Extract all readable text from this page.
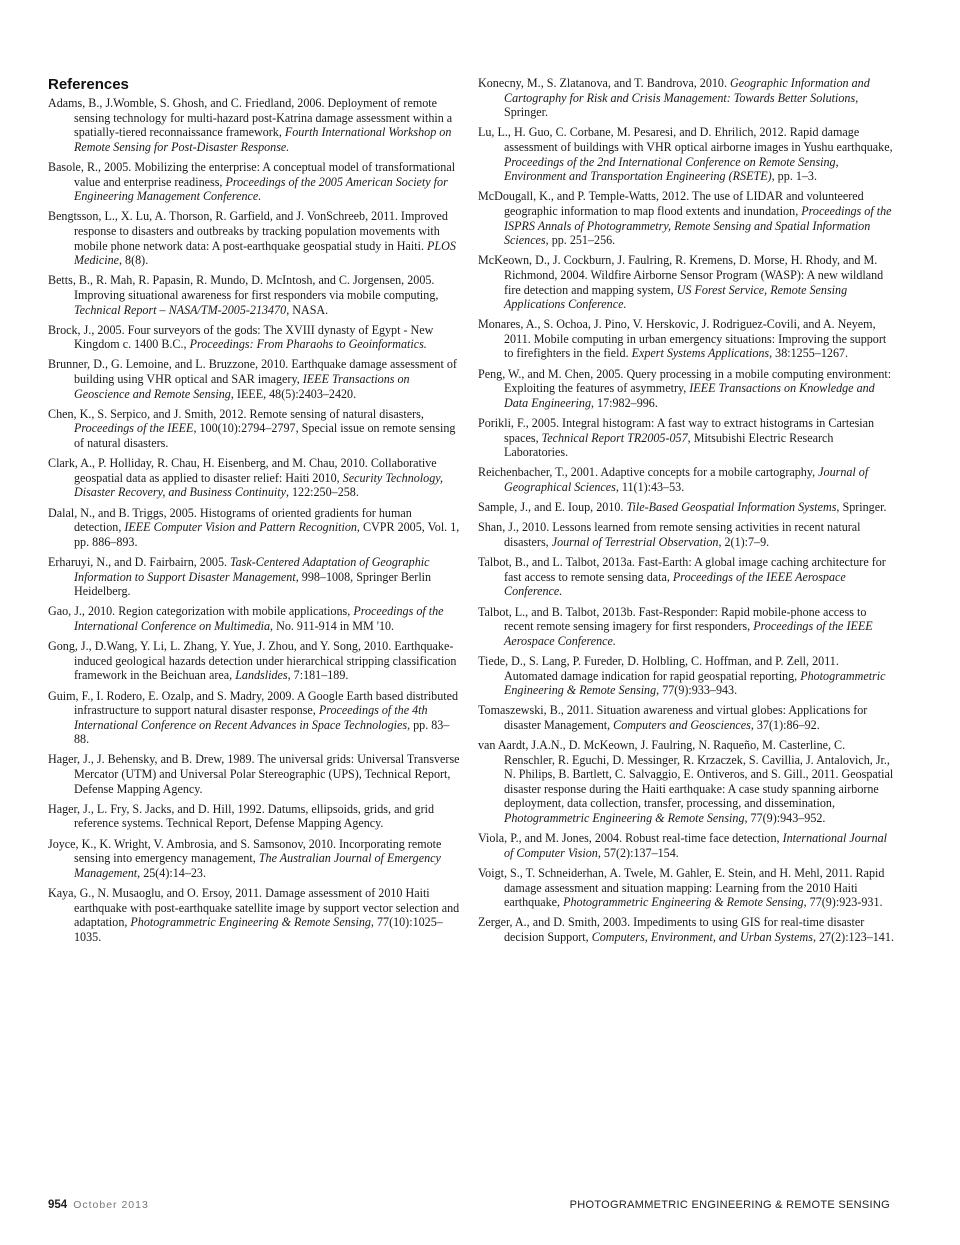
References

Adams, B., J.Womble, S. Ghosh, and C. Friedland, 2006. Deployment of remote sensing technology for multi-hazard post-Katrina damage assessment within a spatially-tiered reconnaissance framework, Fourth International Workshop on Remote Sensing for Post-Disaster Response.

Basole, R., 2005. Mobilizing the enterprise: A conceptual model of transformational value and enterprise readiness, Proceedings of the 2005 American Society for Engineering Management Conference.

Bengtsson, L., X. Lu, A. Thorson, R. Garfield, and J. VonSchreeb, 2011. Improved response to disasters and outbreaks by tracking population movements with mobile phone network data: A post-earthquake geospatial study in Haiti. PLOS Medicine, 8(8).

Betts, B., R. Mah, R. Papasin, R. Mundo, D. McIntosh, and C. Jorgensen, 2005. Improving situational awareness for first responders via mobile computing, Technical Report – NASA/TM-2005-213470, NASA.

Brock, J., 2005. Four surveyors of the gods: The XVIII dynasty of Egypt - New Kingdom c. 1400 B.C., Proceedings: From Pharaohs to Geoinformatics.

Brunner, D., G. Lemoine, and L. Bruzzone, 2010. Earthquake damage assessment of building using VHR optical and SAR imagery, IEEE Transactions on Geoscience and Remote Sensing, IEEE, 48(5):2403–2420.

Chen, K., S. Serpico, and J. Smith, 2012. Remote sensing of natural disasters, Proceedings of the IEEE, 100(10):2794–2797, Special issue on remote sensing of natural disasters.

Clark, A., P. Holliday, R. Chau, H. Eisenberg, and M. Chau, 2010. Collaborative geospatial data as applied to disaster relief: Haiti 2010, Security Technology, Disaster Recovery, and Business Continuity, 122:250–258.

Dalal, N., and B. Triggs, 2005. Histograms of oriented gradients for human detection, IEEE Computer Vision and Pattern Recognition, CVPR 2005, Vol. 1, pp. 886–893.

Erharuyi, N., and D. Fairbairn, 2005. Task-Centered Adaptation of Geographic Information to Support Disaster Management, 998–1008, Springer Berlin Heidelberg.

Gao, J., 2010. Region categorization with mobile applications, Proceedings of the International Conference on Multimedia, No. 911-914 in MM '10.

Gong, J., D.Wang, Y. Li, L. Zhang, Y. Yue, J. Zhou, and Y. Song, 2010. Earthquake-induced geological hazards detection under hierarchical stripping classification framework in the Beichuan area, Landslides, 7:181–189.

Guim, F., I. Rodero, E. Ozalp, and S. Madry, 2009. A Google Earth based distributed infrastructure to support natural disaster response, Proceedings of the 4th International Conference on Recent Advances in Space Technologies, pp. 83–88.

Hager, J., J. Behensky, and B. Drew, 1989. The universal grids: Universal Transverse Mercator (UTM) and Universal Polar Stereographic (UPS), Technical Report, Defense Mapping Agency.

Hager, J., L. Fry, S. Jacks, and D. Hill, 1992. Datums, ellipsoids, grids, and grid reference systems. Technical Report, Defense Mapping Agency.

Joyce, K., K. Wright, V. Ambrosia, and S. Samsonov, 2010. Incorporating remote sensing into emergency management, The Australian Journal of Emergency Management, 25(4):14–23.

Kaya, G., N. Musaoglu, and O. Ersoy, 2011. Damage assessment of 2010 Haiti earthquake with post-earthquake satellite image by support vector selection and adaptation, Photogrammetric Engineering & Remote Sensing, 77(10):1025–1035.

Konecny, M., S. Zlatanova, and T. Bandrova, 2010. Geographic Information and Cartography for Risk and Crisis Management: Towards Better Solutions, Springer.

Lu, L., H. Guo, C. Corbane, M. Pesaresi, and D. Ehrilich, 2012. Rapid damage assessment of buildings with VHR optical airborne images in Yushu earthquake, Proceedings of the 2nd International Conference on Remote Sensing, Environment and Transportation Engineering (RSETE), pp. 1–3.

McDougall, K., and P. Temple-Watts, 2012. The use of LIDAR and volunteered geographic information to map flood extents and inundation, Proceedings of the ISPRS Annals of Photogrammetry, Remote Sensing and Spatial Information Sciences, pp. 251–256.

McKeown, D., J. Cockburn, J. Faulring, R. Kremens, D. Morse, H. Rhody, and M. Richmond, 2004. Wildfire Airborne Sensor Program (WASP): A new wildland fire detection and mapping system, US Forest Service, Remote Sensing Applications Conference.

Monares, A., S. Ochoa, J. Pino, V. Herskovic, J. Rodriguez-Covili, and A. Neyem, 2011. Mobile computing in urban emergency situations: Improving the support to firefighters in the field. Expert Systems Applications, 38:1255–1267.

Peng, W., and M. Chen, 2005. Query processing in a mobile computing environment: Exploiting the features of asymmetry, IEEE Transactions on Knowledge and Data Engineering, 17:982–996.

Porikli, F., 2005. Integral histogram: A fast way to extract histograms in Cartesian spaces, Technical Report TR2005-057, Mitsubishi Electric Research Laboratories.

Reichenbacher, T., 2001. Adaptive concepts for a mobile cartography, Journal of Geographical Sciences, 11(1):43–53.

Sample, J., and E. Ioup, 2010. Tile-Based Geospatial Information Systems, Springer.

Shan, J., 2010. Lessons learned from remote sensing activities in recent natural disasters, Journal of Terrestrial Observation, 2(1):7–9.

Talbot, B., and L. Talbot, 2013a. Fast-Earth: A global image caching architecture for fast access to remote sensing data, Proceedings of the IEEE Aerospace Conference.

Talbot, L., and B. Talbot, 2013b. Fast-Responder: Rapid mobile-phone access to recent remote sensing imagery for first responders, Proceedings of the IEEE Aerospace Conference.

Tiede, D., S. Lang, P. Fureder, D. Holbling, C. Hoffman, and P. Zell, 2011. Automated damage indication for rapid geospatial reporting, Photogrammetric Engineering & Remote Sensing, 77(9):933–943.

Tomaszewski, B., 2011. Situation awareness and virtual globes: Applications for disaster Management, Computers and Geosciences, 37(1):86–92.

van Aardt, J.A.N., D. McKeown, J. Faulring, N. Raqueño, M. Casterline, C. Renschler, R. Eguchi, D. Messinger, R. Krzaczek, S. Cavillia, J. Antalovich, Jr., N. Philips, B. Bartlett, C. Salvaggio, E. Ontiveros, and S. Gill., 2011. Geospatial disaster response during the Haiti earthquake: A case study spanning airborne deployment, data collection, transfer, processing, and dissemination, Photogrammetric Engineering & Remote Sensing, 77(9):943–952.

Viola, P., and M. Jones, 2004. Robust real-time face detection, International Journal of Computer Vision, 57(2):137–154.

Voigt, S., T. Schneiderhan, A. Twele, M. Gahler, E. Stein, and H. Mehl, 2011. Rapid damage assessment and situation mapping: Learning from the 2010 Haiti earthquake, Photogrammetric Engineering & Remote Sensing, 77(9):923-931.

Zerger, A., and D. Smith, 2003. Impediments to using GIS for real-time disaster decision Support, Computers, Environment, and Urban Systems, 27(2):123–141.

954 October 2013	PHOTOGRAMMETRIC ENGINEERING & REMOTE SENSING
